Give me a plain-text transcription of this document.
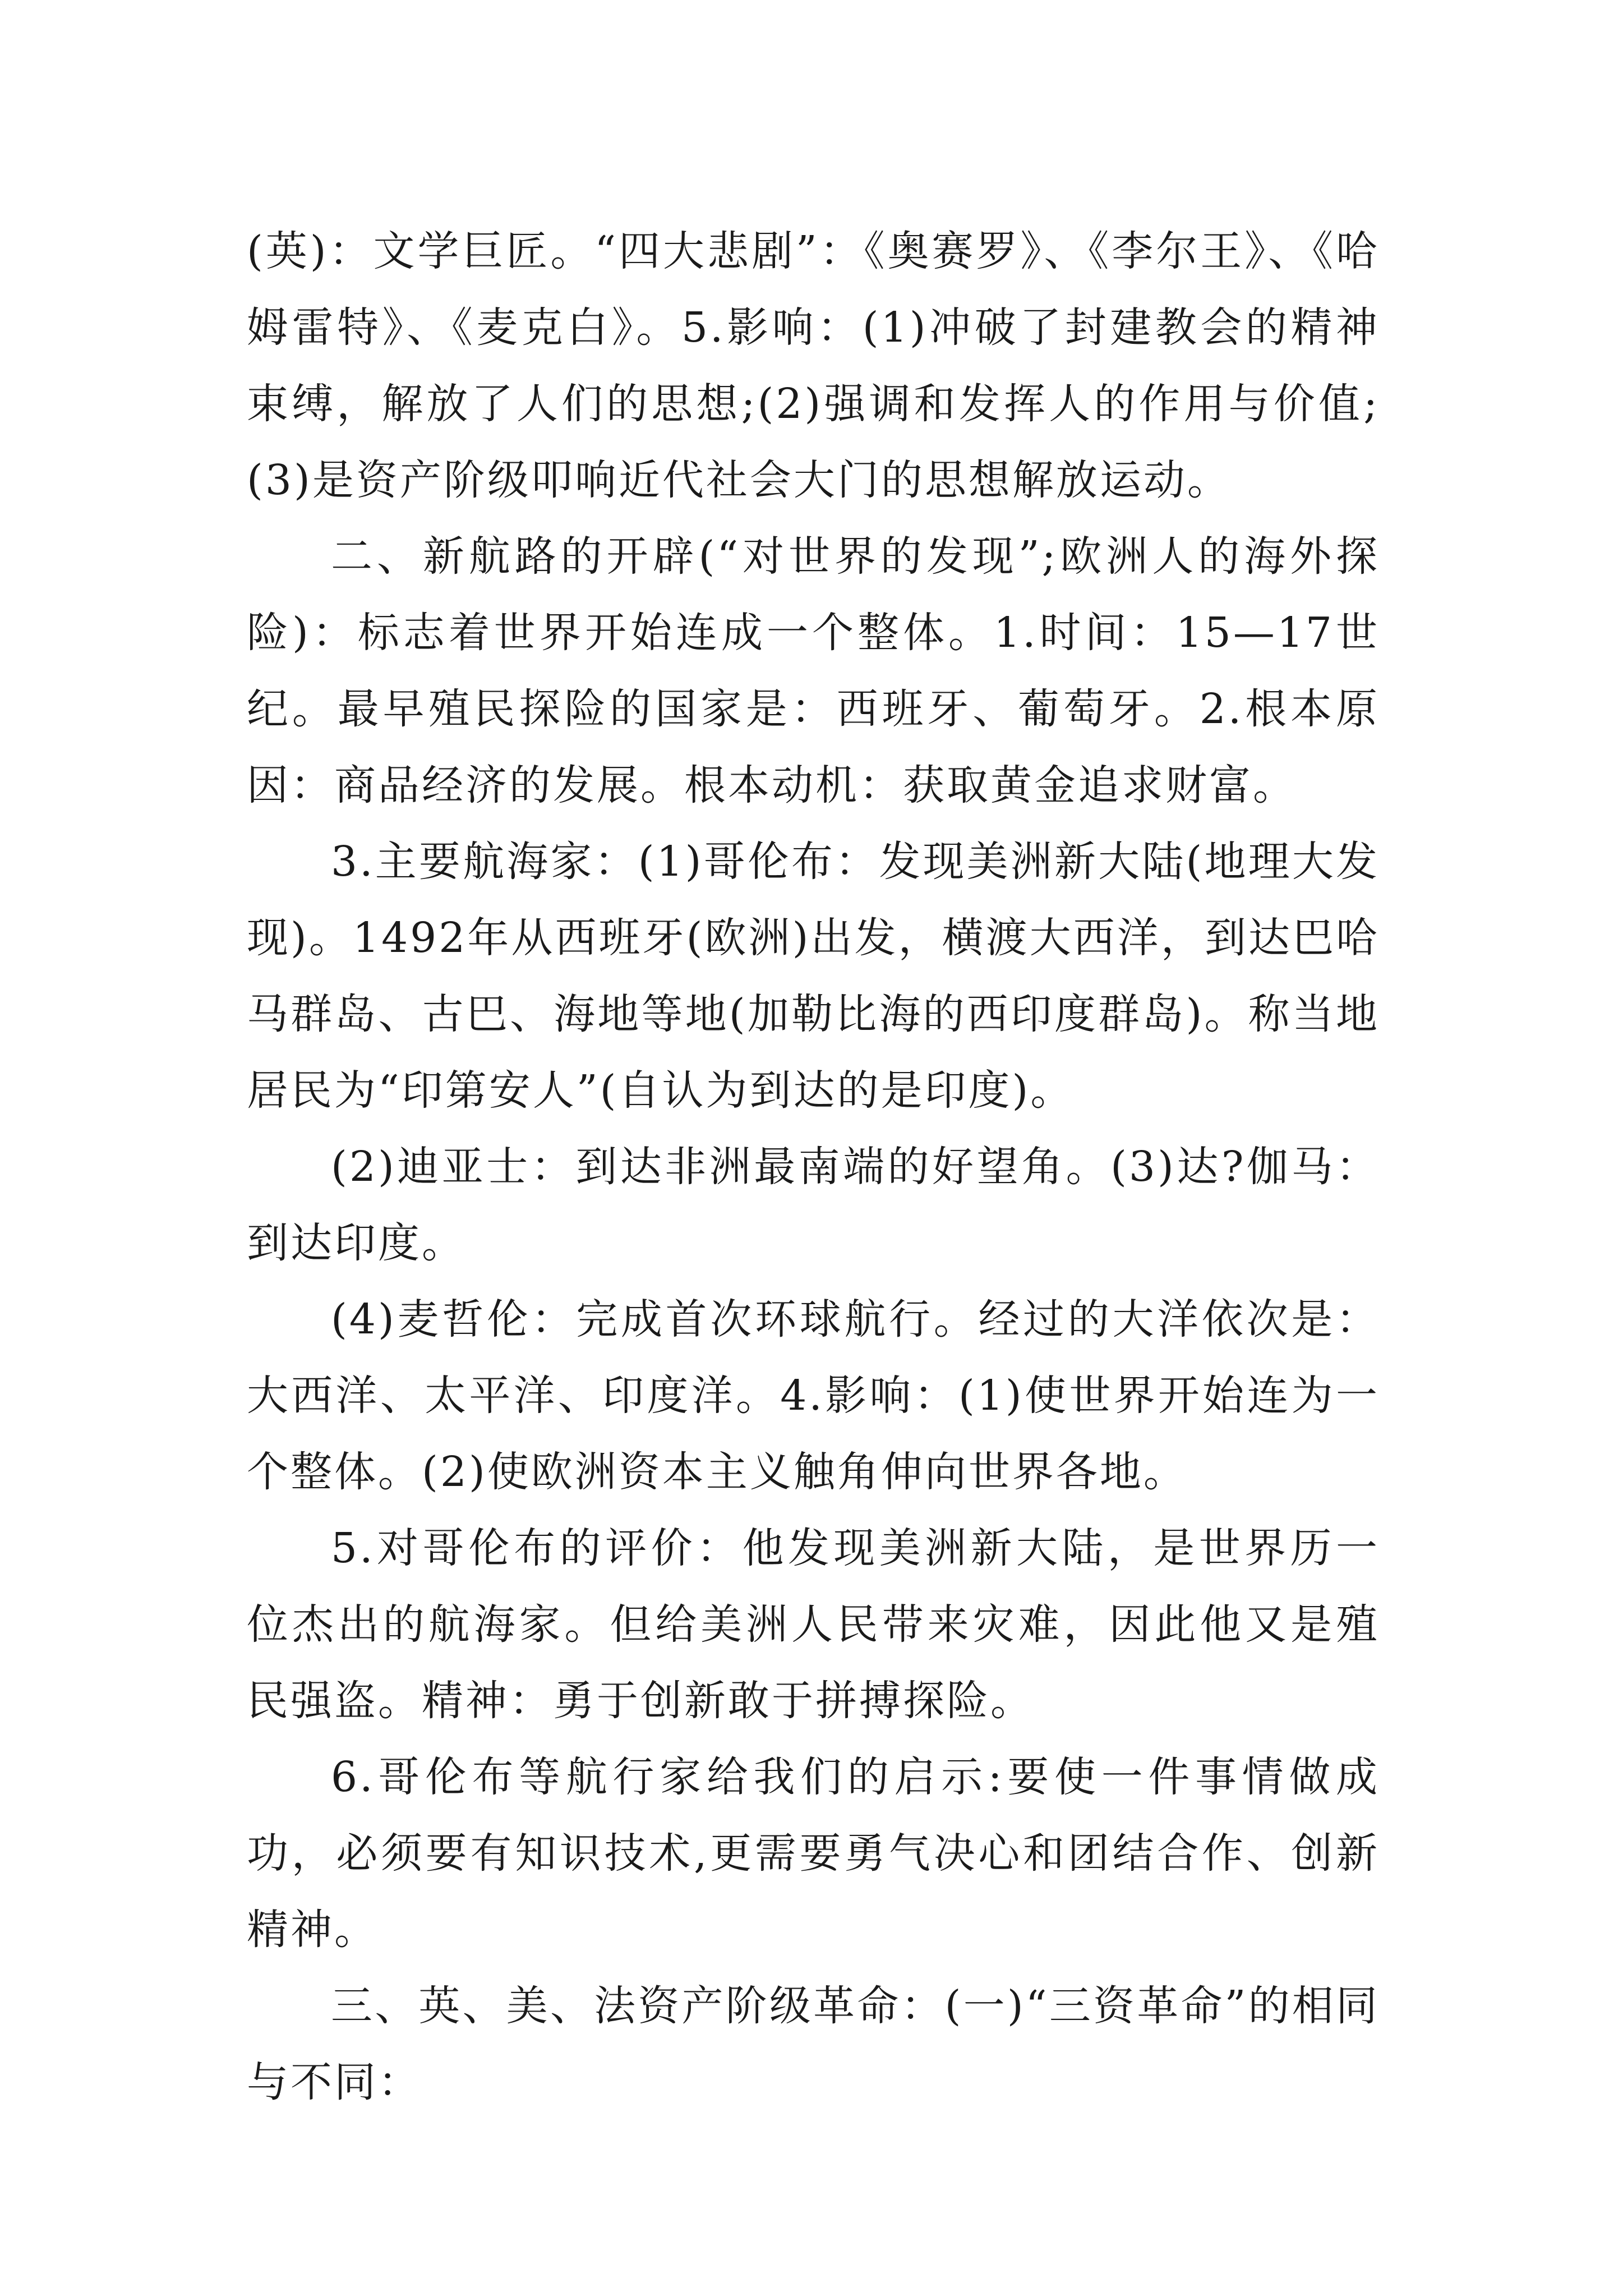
(英)：文学巨匠。“四大悲剧”：《奥赛罗》、《李尔王》、《哈姆雷特》、《麦克白》。5.影响：(1)冲破了封建教会的精神束缚，解放了人们的思想;(2)强调和发挥人的作用与价值;(3)是资产阶级叩响近代社会大门的思想解放运动。

二、新航路的开辟(“对世界的发现”;欧洲人的海外探险)：标志着世界开始连成一个整体。1.时间：15—17世纪。最早殖民探险的国家是：西班牙、葡萄牙。2.根本原因：商品经济的发展。根本动机：获取黄金追求财富。

3.主要航海家：(1)哥伦布：发现美洲新大陆(地理大发现)。1492年从西班牙(欧洲)出发，横渡大西洋，到达巴哈马群岛、古巴、海地等地(加勒比海的西印度群岛)。称当地居民为“印第安人”(自认为到达的是印度)。

(2)迪亚士：到达非洲最南端的好望角。(3)达?伽马：到达印度。

(4)麦哲伦：完成首次环球航行。经过的大洋依次是：大西洋、太平洋、印度洋。4.影响：(1)使世界开始连为一个整体。(2)使欧洲资本主义触角伸向世界各地。

5.对哥伦布的评价：他发现美洲新大陆，是世界历一位杰出的航海家。但给美洲人民带来灾难，因此他又是殖民强盗。精神：勇于创新敢于拼搏探险。

6.哥伦布等航行家给我们的启示:要使一件事情做成功，必须要有知识技术,更需要勇气决心和团结合作、创新精神。

三、英、美、法资产阶级革命：(一)“三资革命”的相同与不同：
